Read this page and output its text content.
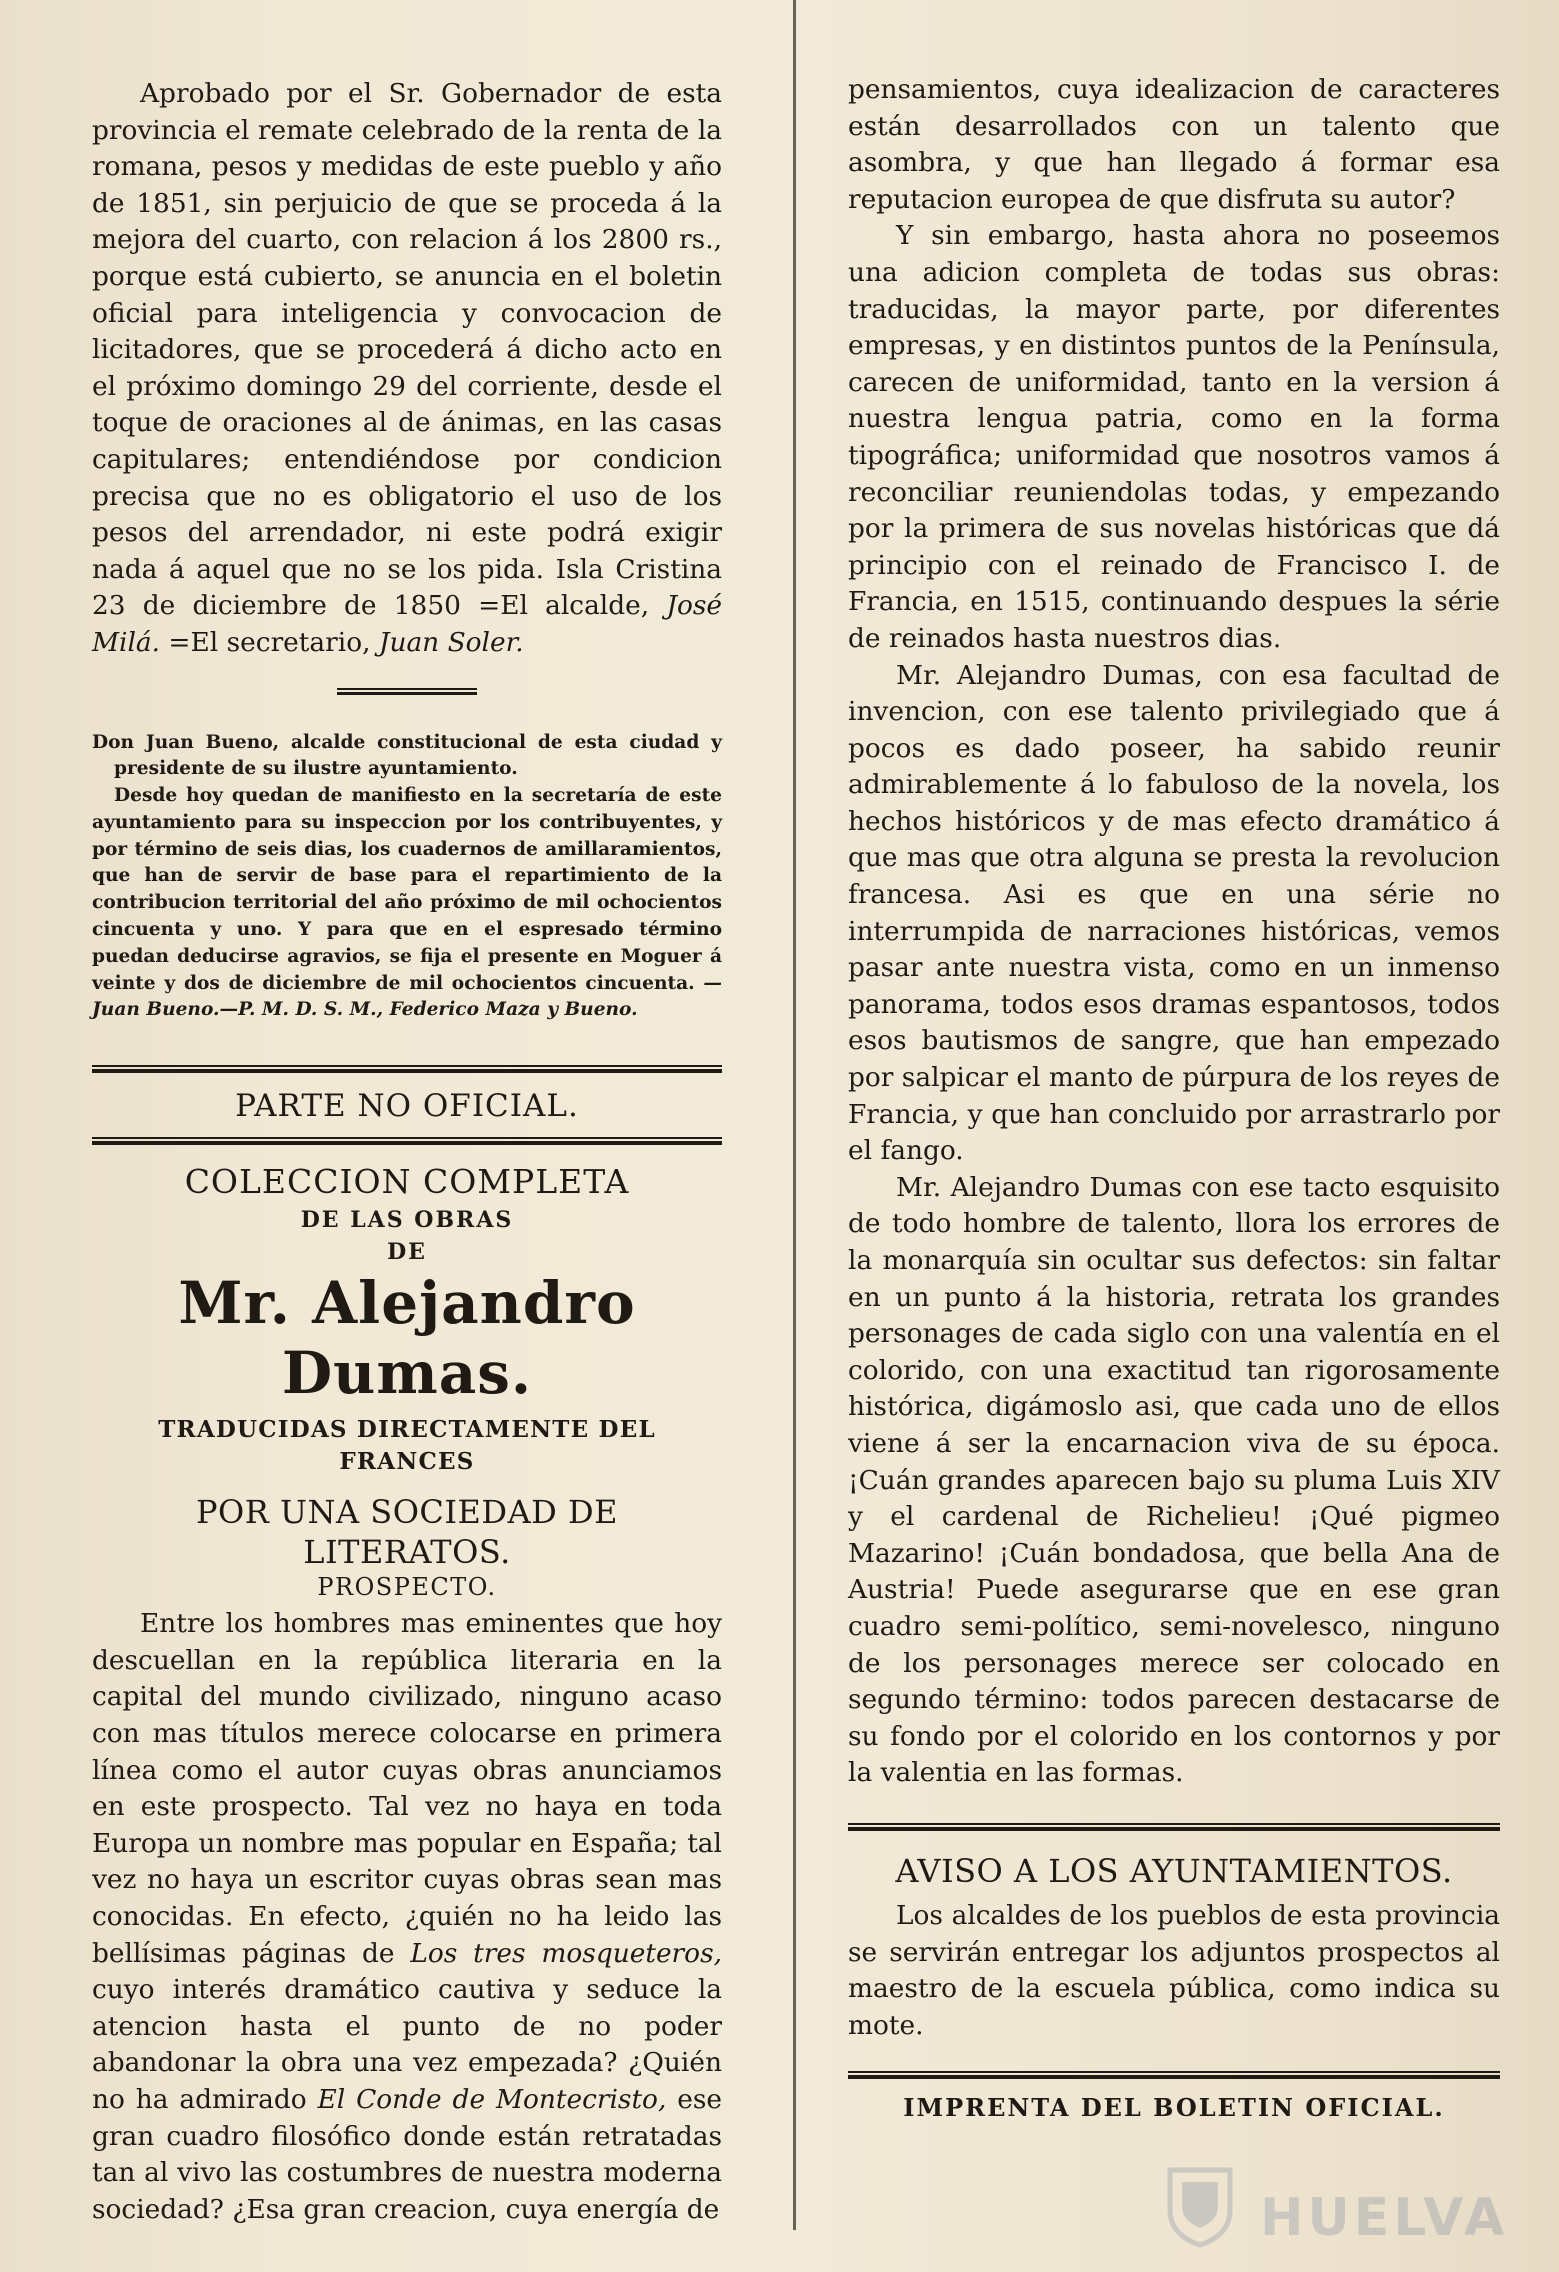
Aprobado por el Sr. Gobernador de esta provincia el remate celebrado de la renta de la romana, pesos y medidas de este pueblo y año de 1851, sin perjuicio de que se proceda á la mejora del cuarto, con relacion á los 2800 rs., porque está cubierto, se anuncia en el boletin oficial para inteligencia y convocacion de licitadores, que se procederá á dicho acto en el próximo domingo 29 del corriente, desde el toque de oraciones al de ánimas, en las casas capitulares; entendiéndose por condicion precisa que no es obligatorio el uso de los pesos del arrendador, ni este podrá exigir nada á aquel que no se los pida. Isla Cristina 23 de diciembre de 1850 =El alcalde, José Milá. =El secretario, Juan Soler.

Don Juan Bueno, alcalde constitucional de esta ciudad y presidente de su ilustre ayuntamiento.

Desde hoy quedan de manifiesto en la secretaría de este ayuntamiento para su inspeccion por los contribuyentes, y por término de seis dias, los cuadernos de amillaramientos, que han de servir de base para el repartimiento de la contribucion territorial del año próximo de mil ochocientos cincuenta y uno. Y para que en el espresado término puedan deducirse agravios, se fija el presente en Moguer á veinte y dos de diciembre de mil ochocientos cincuenta. —Juan Bueno.—P. M. D. S. M., Federico Maza y Bueno.

PARTE NO OFICIAL.
COLECCION COMPLETA
DE LAS OBRAS
DE
Mr. Alejandro Dumas.
TRADUCIDAS DIRECTAMENTE DEL FRANCES
POR UNA SOCIEDAD DE LITERATOS.
PROSPECTO.

Entre los hombres mas eminentes que hoy descuellan en la república literaria en la capital del mundo civilizado, ninguno acaso con mas títulos merece colocarse en primera línea como el autor cuyas obras anunciamos en este prospecto. Tal vez no haya en toda Europa un nombre mas popular en España; tal vez no haya un escritor cuyas obras sean mas conocidas. En efecto, ¿quién no ha leido las bellísimas páginas de Los tres mosqueteros, cuyo interés dramático cautiva y seduce la atencion hasta el punto de no poder abandonar la obra una vez empezada? ¿Quién no ha admirado El Conde de Montecristo, ese gran cuadro filosófico donde están retratadas tan al vivo las costumbres de nuestra moderna sociedad? ¿Esa gran creacion, cuya energía de

pensamientos, cuya idealizacion de caracteres están desarrollados con un talento que asombra, y que han llegado á formar esa reputacion europea de que disfruta su autor?

Y sin embargo, hasta ahora no poseemos una adicion completa de todas sus obras: traducidas, la mayor parte, por diferentes empresas, y en distintos puntos de la Península, carecen de uniformidad, tanto en la version á nuestra lengua patria, como en la forma tipográfica; uniformidad que nosotros vamos á reconciliar reuniendolas todas, y empezando por la primera de sus novelas históricas que dá principio con el reinado de Francisco I. de Francia, en 1515, continuando despues la série de reinados hasta nuestros dias.

Mr. Alejandro Dumas, con esa facultad de invencion, con ese talento privilegiado que á pocos es dado poseer, ha sabido reunir admirablemente á lo fabuloso de la novela, los hechos históricos y de mas efecto dramático á que mas que otra alguna se presta la revolucion francesa. Asi es que en una série no interrumpida de narraciones históricas, vemos pasar ante nuestra vista, como en un inmenso panorama, todos esos dramas espantosos, todos esos bautismos de sangre, que han empezado por salpicar el manto de púrpura de los reyes de Francia, y que han concluido por arrastrarlo por el fango.

Mr. Alejandro Dumas con ese tacto esquisito de todo hombre de talento, llora los errores de la monarquía sin ocultar sus defectos: sin faltar en un punto á la historia, retrata los grandes personages de cada siglo con una valentía en el colorido, con una exactitud tan rigorosamente histórica, digámoslo asi, que cada uno de ellos viene á ser la encarnacion viva de su época. ¡Cuán grandes aparecen bajo su pluma Luis XIV y el cardenal de Richelieu! ¡Qué pigmeo Mazarino! ¡Cuán bondadosa, que bella Ana de Austria! Puede asegurarse que en ese gran cuadro semi-político, semi-novelesco, ninguno de los personages merece ser colocado en segundo término: todos parecen destacarse de su fondo por el colorido en los contornos y por la valentia en las formas.

AVISO A LOS AYUNTAMIENTOS.

Los alcaldes de los pueblos de esta provincia se servirán entregar los adjuntos prospectos al maestro de la escuela pública, como indica su mote.

IMPRENTA DEL BOLETIN OFICIAL.
HUELVA
